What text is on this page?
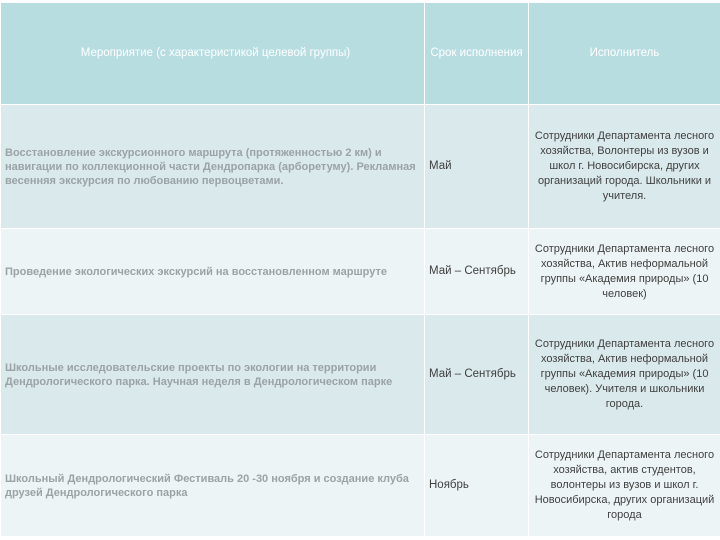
Мероприятие (с характеристикой целевой группы)	Срок исполнения	Исполнитель
Восстановление экскурсионного маршрута (протяженностью 2 км) и навигации по коллекционной части Дендропарка (арборетуму). Рекламная весенняя экскурсия по любованию первоцветами.	Май	Сотрудники Департамента лесного хозяйства, Волонтеры из вузов и школ г. Новосибирска, других организаций города. Школьники и учителя.
Проведение экологических экскурсий на восстановленном маршруте	Май – Сентябрь	Сотрудники Департамента лесного хозяйства, Актив неформальной группы «Академия природы» (10 человек)
Школьные исследовательские проекты по экологии на территории Дендрологического парка. Научная неделя в Дендрологическом парке	Май – Сентябрь	Сотрудники Департамента лесного хозяйства, Актив неформальной группы «Академия природы» (10 человек). Учителя и школьники города.
Школьный Дендрологический Фестиваль 20 -30 ноября и создание клуба друзей Дендрологического парка	Ноябрь	Сотрудники Департамента лесного хозяйства, актив студентов, волонтеры из вузов и школ г. Новосибирска, других организаций города
